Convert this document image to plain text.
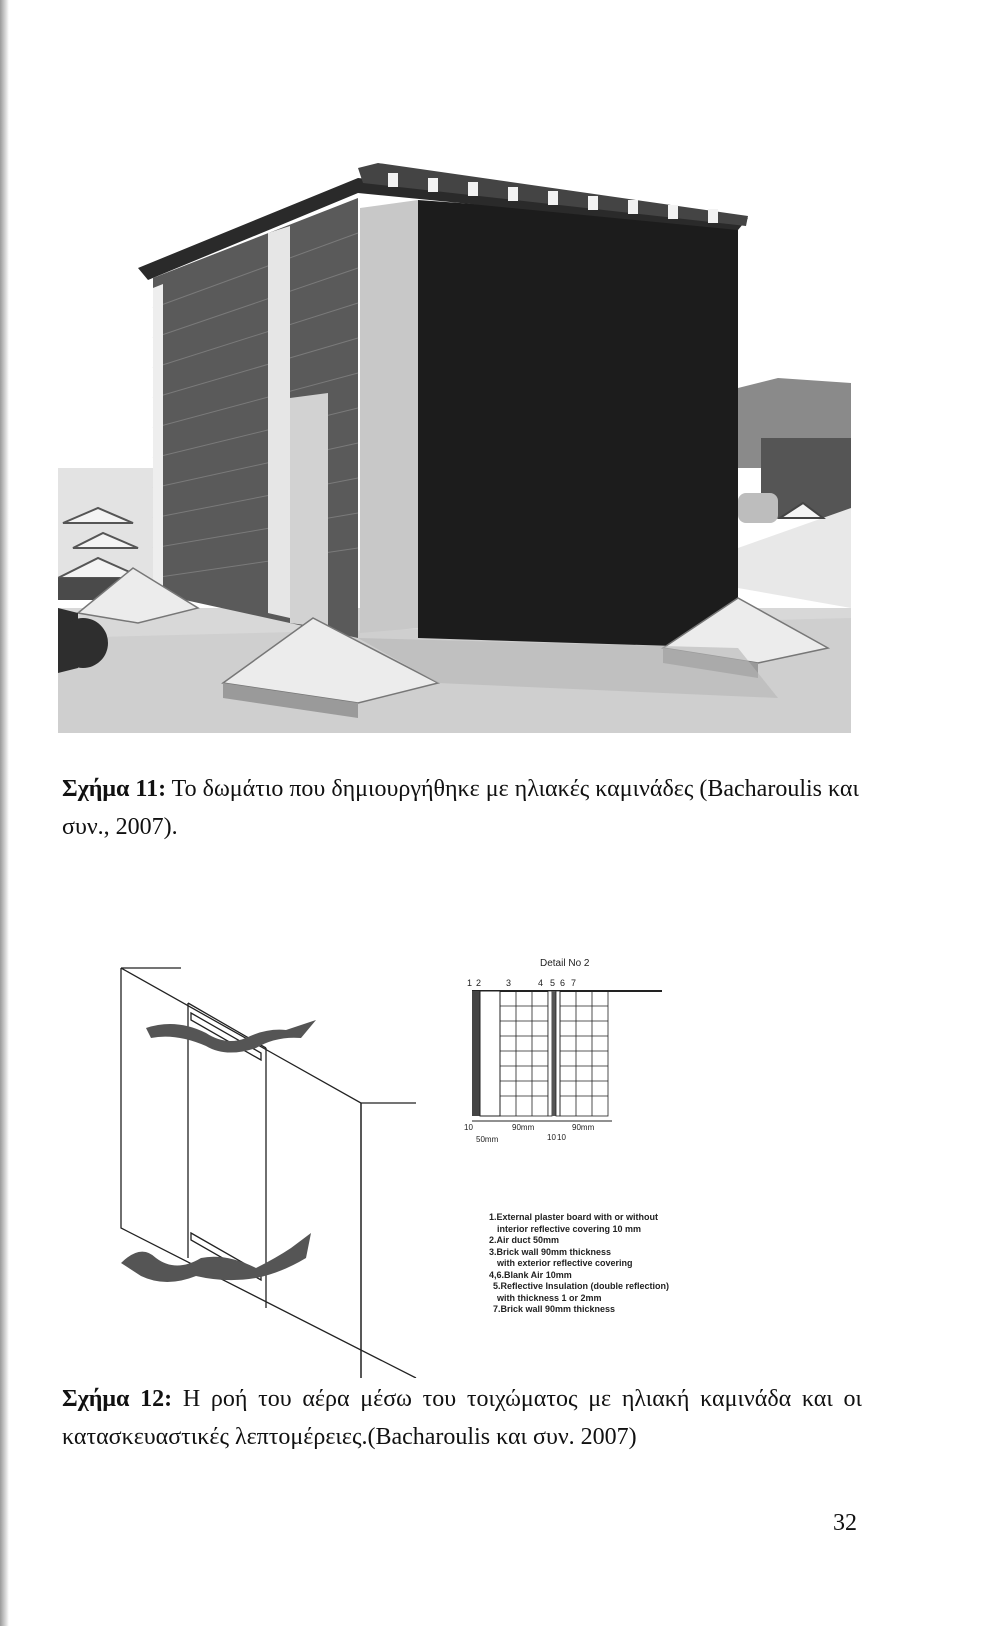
Σχήμα 11: Το δωμάτιο που δημιουργήθηκε με ηλιακές καμινάδες (Bacharoulis και συν., 2007).
Detail No 2
1 2	3	4 5 6 7
10	90mm	90mm
50mm	10 10
1.External plaster board with or without
interior reflective covering 10 mm
2.Air duct 50mm
3.Brick wall 90mm thickness
with exterior reflective covering
4,6.Blank Air 10mm
5.Reflective Insulation (double reflection)
with thickness 1 or 2mm
7.Brick wall 90mm thickness
Σχήμα 12: Η ροή του αέρα μέσω του τοιχώματος με ηλιακή καμινάδα και οι κατασκευαστικές λεπτομέρειες.(Bacharoulis και συν. 2007)
32
